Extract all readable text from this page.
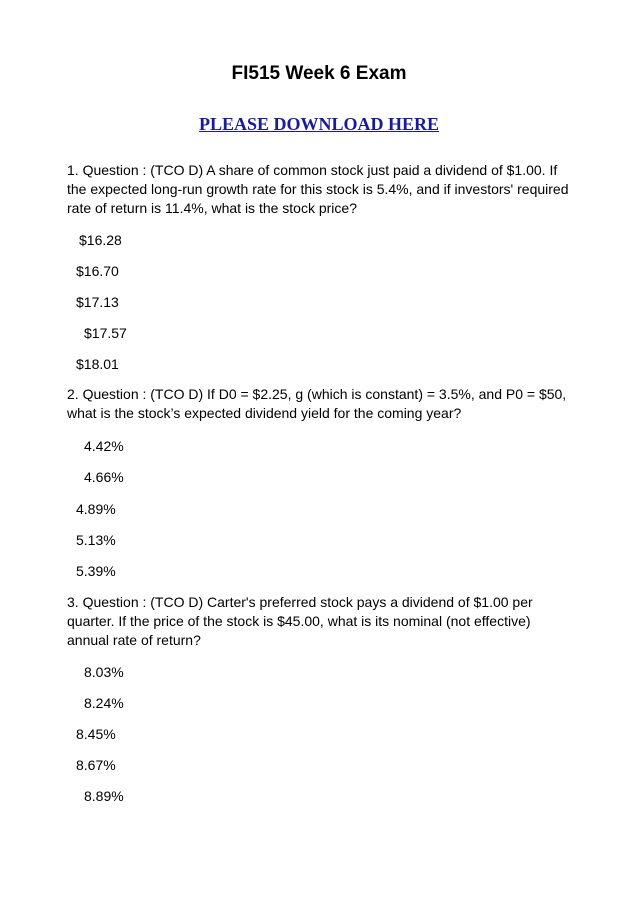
FI515 Week 6 Exam
PLEASE DOWNLOAD HERE
1. Question : (TCO D) A share of common stock just paid a dividend of $1.00. If
the expected long-run growth rate for this stock is 5.4%, and if investors' required
rate of return is 11.4%, what is the stock price?
$16.28
$16.70
$17.13
$17.57
$18.01
2. Question : (TCO D) If D0 = $2.25, g (which is constant) = 3.5%, and P0 = $50,
what is the stock’s expected dividend yield for the coming year?
4.42%
4.66%
4.89%
5.13%
5.39%
3. Question : (TCO D) Carter's preferred stock pays a dividend of $1.00 per
quarter. If the price of the stock is $45.00, what is its nominal (not effective)
annual rate of return?
8.03%
8.24%
8.45%
8.67%
8.89%
